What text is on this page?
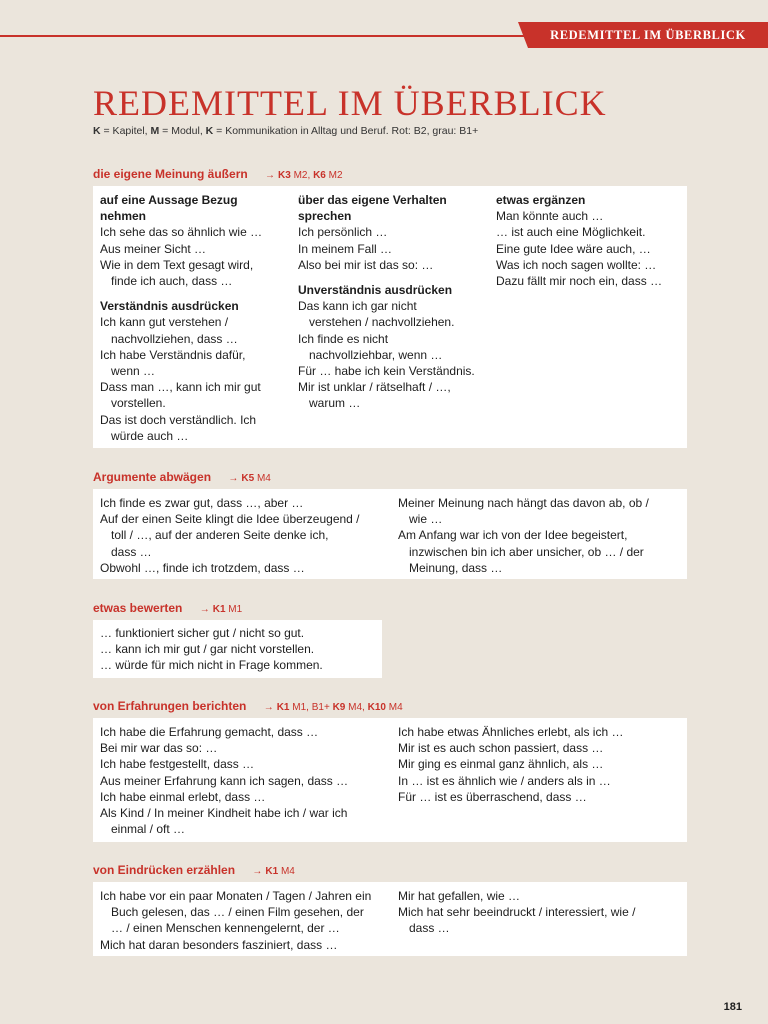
REDEMITTEL IM ÜBERBLICK
REDEMITTEL IM ÜBERBLICK
K = Kapitel, M = Modul, K = Kommunikation in Alltag und Beruf. Rot: B2, grau: B1+
die eigene Meinung äußern → K3 M2, K6 M2
auf eine Aussage Bezug
nehmen
Ich sehe das so ähnlich wie …
Aus meiner Sicht …
Wie in dem Text gesagt wird,
finde ich auch, dass …
Verständnis ausdrücken
Ich kann gut verstehen /
nachvollziehen, dass …
Ich habe Verständnis dafür,
wenn …
Dass man …, kann ich mir gut
vorstellen.
Das ist doch verständlich. Ich
würde auch …
über das eigene Verhalten
sprechen
Ich persönlich …
In meinem Fall …
Also bei mir ist das so: …
Unverständnis ausdrücken
Das kann ich gar nicht
verstehen / nachvollziehen.
Ich finde es nicht
nachvollziehbar, wenn …
Für … habe ich kein Verständnis.
Mir ist unklar / rätselhaft / …,
warum …
etwas ergänzen
Man könnte auch …
… ist auch eine Möglichkeit.
Eine gute Idee wäre auch, …
Was ich noch sagen wollte: …
Dazu fällt mir noch ein, dass …
Argumente abwägen → K5 M4
Ich finde es zwar gut, dass …, aber …
Auf der einen Seite klingt die Idee überzeugend /
toll / …, auf der anderen Seite denke ich,
dass …
Obwohl …, finde ich trotzdem, dass …
Meiner Meinung nach hängt das davon ab, ob /
wie …
Am Anfang war ich von der Idee begeistert,
inzwischen bin ich aber unsicher, ob … / der
Meinung, dass …
etwas bewerten → K1 M1
… funktioniert sicher gut / nicht so gut.
… kann ich mir gut / gar nicht vorstellen.
… würde für mich nicht in Frage kommen.
von Erfahrungen berichten → K1 M1, B1+ K9 M4, K10 M4
Ich habe die Erfahrung gemacht, dass …
Bei mir war das so: …
Ich habe festgestellt, dass …
Aus meiner Erfahrung kann ich sagen, dass …
Ich habe einmal erlebt, dass …
Als Kind / In meiner Kindheit habe ich / war ich
einmal / oft …
Ich habe etwas Ähnliches erlebt, als ich …
Mir ist es auch schon passiert, dass …
Mir ging es einmal ganz ähnlich, als …
In … ist es ähnlich wie / anders als in …
Für … ist es überraschend, dass …
von Eindrücken erzählen → K1 M4
Ich habe vor ein paar Monaten / Tagen / Jahren ein
Buch gelesen, das … / einen Film gesehen, der
… / einen Menschen kennengelernt, der …
Mich hat daran besonders fasziniert, dass …
Mir hat gefallen, wie …
Mich hat sehr beeindruckt / interessiert, wie /
dass …
181
